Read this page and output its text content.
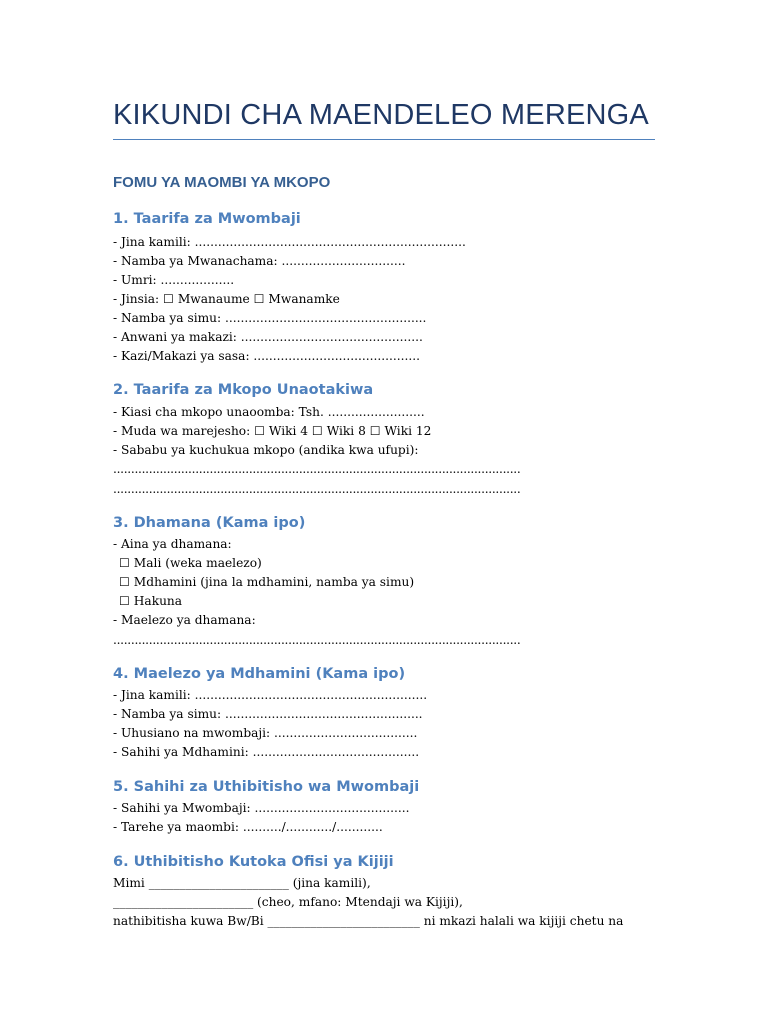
KIKUNDI CHA MAENDELEO MERENGA
FOMU YA MAOMBI YA MKOPO
1. Taarifa za Mwombaji

- Jina kamili: ......................................................................

- Namba ya Mwanachama: ................................

- Umri: ...................

- Jinsia: ☐ Mwanaume ☐ Mwanamke

- Namba ya simu: ....................................................

- Anwani ya makazi: ...............................................

- Kazi/Makazi ya sasa: ...........................................

2. Taarifa za Mkopo Unaotakiwa

- Kiasi cha mkopo unaoomba: Tsh. .........................

- Muda wa marejesho: ☐ Wiki 4 ☐ Wiki 8 ☐ Wiki 12

- Sababu ya kuchukua mkopo (andika kwa ufupi):

..................................................................................................................

..................................................................................................................

3. Dhamana (Kama ipo)

- Aina ya dhamana:

☐ Mali (weka maelezo)

☐ Mdhamini (jina la mdhamini, namba ya simu)

☐ Hakuna

- Maelezo ya dhamana:

..................................................................................................................

4. Maelezo ya Mdhamini (Kama ipo)

- Jina kamili: ............................................................

- Namba ya simu: ...................................................

- Uhusiano na mwombaji: .....................................

- Sahihi ya Mdhamini: ...........................................

5. Sahihi za Uthibitisho wa Mwombaji

- Sahihi ya Mwombaji: ........................................

- Tarehe ya maombi: ........../............/............

6. Uthibitisho Kutoka Ofisi ya Kijiji

Mimi _______________________ (jina kamili),

_______________________ (cheo, mfano: Mtendaji wa Kijiji),

nathibitisha kuwa Bw/Bi _________________________ ni mkazi halali wa kijiji chetu na
